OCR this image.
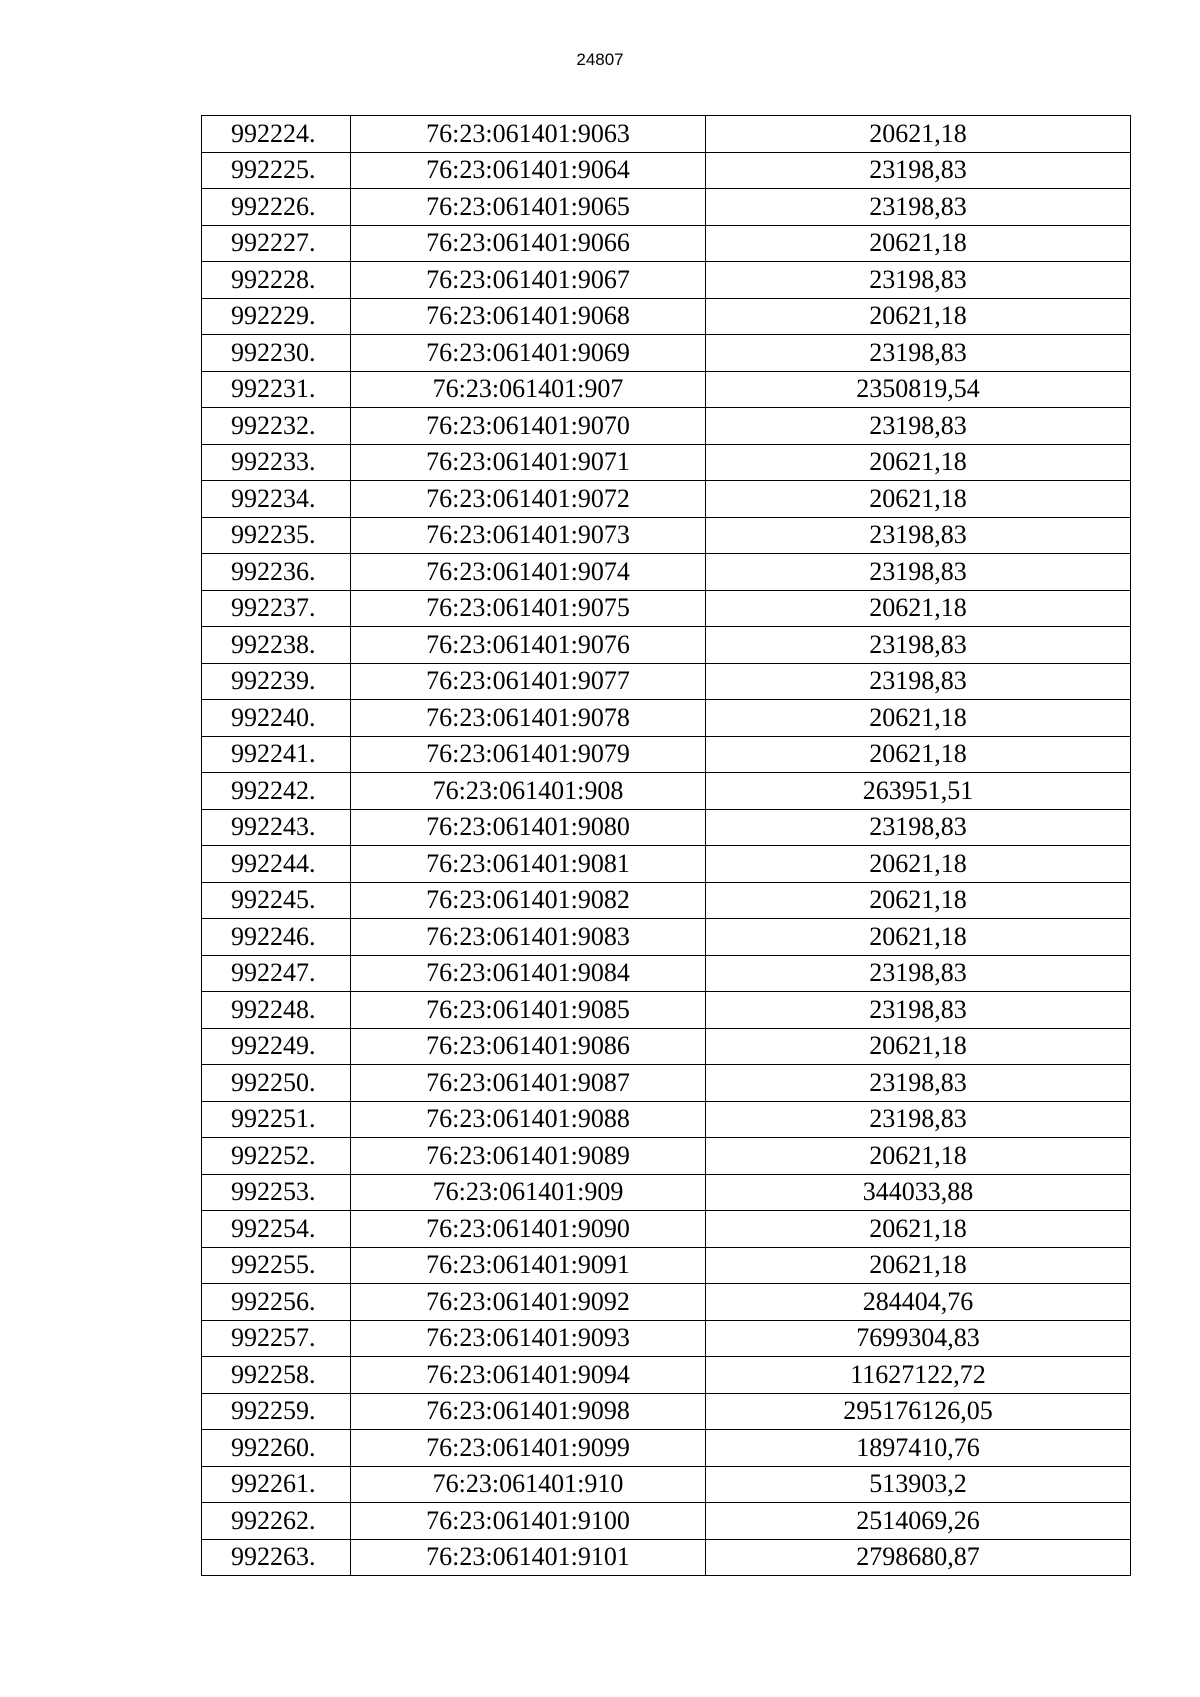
24807
992224.	76:23:061401:9063	20621,18
992225.	76:23:061401:9064	23198,83
992226.	76:23:061401:9065	23198,83
992227.	76:23:061401:9066	20621,18
992228.	76:23:061401:9067	23198,83
992229.	76:23:061401:9068	20621,18
992230.	76:23:061401:9069	23198,83
992231.	76:23:061401:907	2350819,54
992232.	76:23:061401:9070	23198,83
992233.	76:23:061401:9071	20621,18
992234.	76:23:061401:9072	20621,18
992235.	76:23:061401:9073	23198,83
992236.	76:23:061401:9074	23198,83
992237.	76:23:061401:9075	20621,18
992238.	76:23:061401:9076	23198,83
992239.	76:23:061401:9077	23198,83
992240.	76:23:061401:9078	20621,18
992241.	76:23:061401:9079	20621,18
992242.	76:23:061401:908	263951,51
992243.	76:23:061401:9080	23198,83
992244.	76:23:061401:9081	20621,18
992245.	76:23:061401:9082	20621,18
992246.	76:23:061401:9083	20621,18
992247.	76:23:061401:9084	23198,83
992248.	76:23:061401:9085	23198,83
992249.	76:23:061401:9086	20621,18
992250.	76:23:061401:9087	23198,83
992251.	76:23:061401:9088	23198,83
992252.	76:23:061401:9089	20621,18
992253.	76:23:061401:909	344033,88
992254.	76:23:061401:9090	20621,18
992255.	76:23:061401:9091	20621,18
992256.	76:23:061401:9092	284404,76
992257.	76:23:061401:9093	7699304,83
992258.	76:23:061401:9094	11627122,72
992259.	76:23:061401:9098	295176126,05
992260.	76:23:061401:9099	1897410,76
992261.	76:23:061401:910	513903,2
992262.	76:23:061401:9100	2514069,26
992263.	76:23:061401:9101	2798680,87
